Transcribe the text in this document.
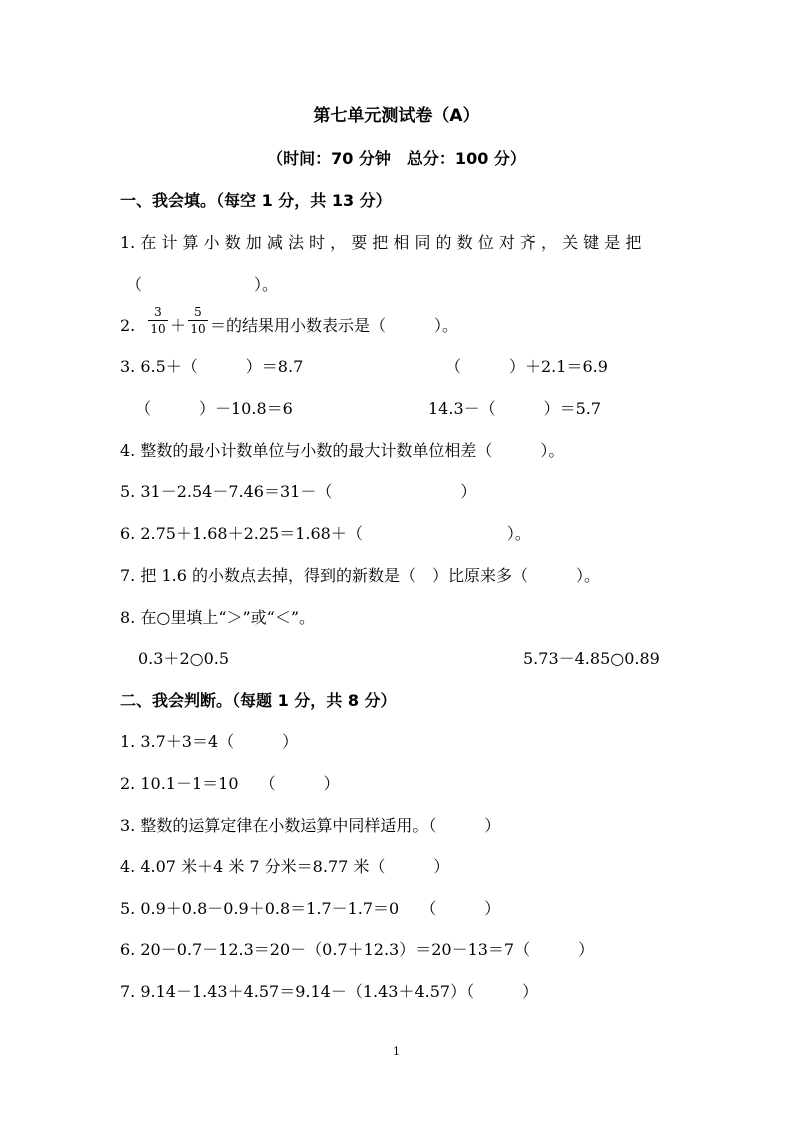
第七单元测试卷（A）
（时间：70 分钟　总分：100 分）
一、我会填。（每空 1 分，共 13 分）
1. 在 计 算 小 数 加 减 法 时 ， 要 把 相 同 的 数 位 对 齐 ， 关 键 是 把
（　　　　　　　）。
2.
3
10 ＋
5
10 ＝的结果用小数表示是（　　　）。
3. 6.5＋（　　　）＝8.7	（　　　）＋2.1＝6.9
（　　　）－10.8＝6	14.3－（　　　）＝5.7
4. 整数的最小计数单位与小数的最大计数单位相差（　　　）。
5. 31－2.54－7.46＝31－（　　　　　　　　）
6. 2.75＋1.68＋2.25＝1.68＋（　　　　　　　　　）。
7. 把 1.6 的小数点去掉，得到的新数是（　）比原来多（　　　）。
8. 在○里填上“＞”或“＜”。
0.3＋2○0.5	5.73－4.85○0.89
二、我会判断。（每题 1 分，共 8 分）
1. 3.7＋3＝4（　　　）
2. 10.1－1＝10　 （　　　）
3. 整数的运算定律在小数运算中同样适用。（　　　）
4. 4.07 米＋4 米 7 分米＝8.77 米（　　　）
5. 0.9＋0.8－0.9＋0.8＝1.7－1.7＝0　 （　　　）
6. 20－0.7－12.3＝20－（0.7＋12.3）＝20－13＝7（　　　）
7. 9.14－1.43＋4.57＝9.14－（1.43＋4.57）（　　　）
1
